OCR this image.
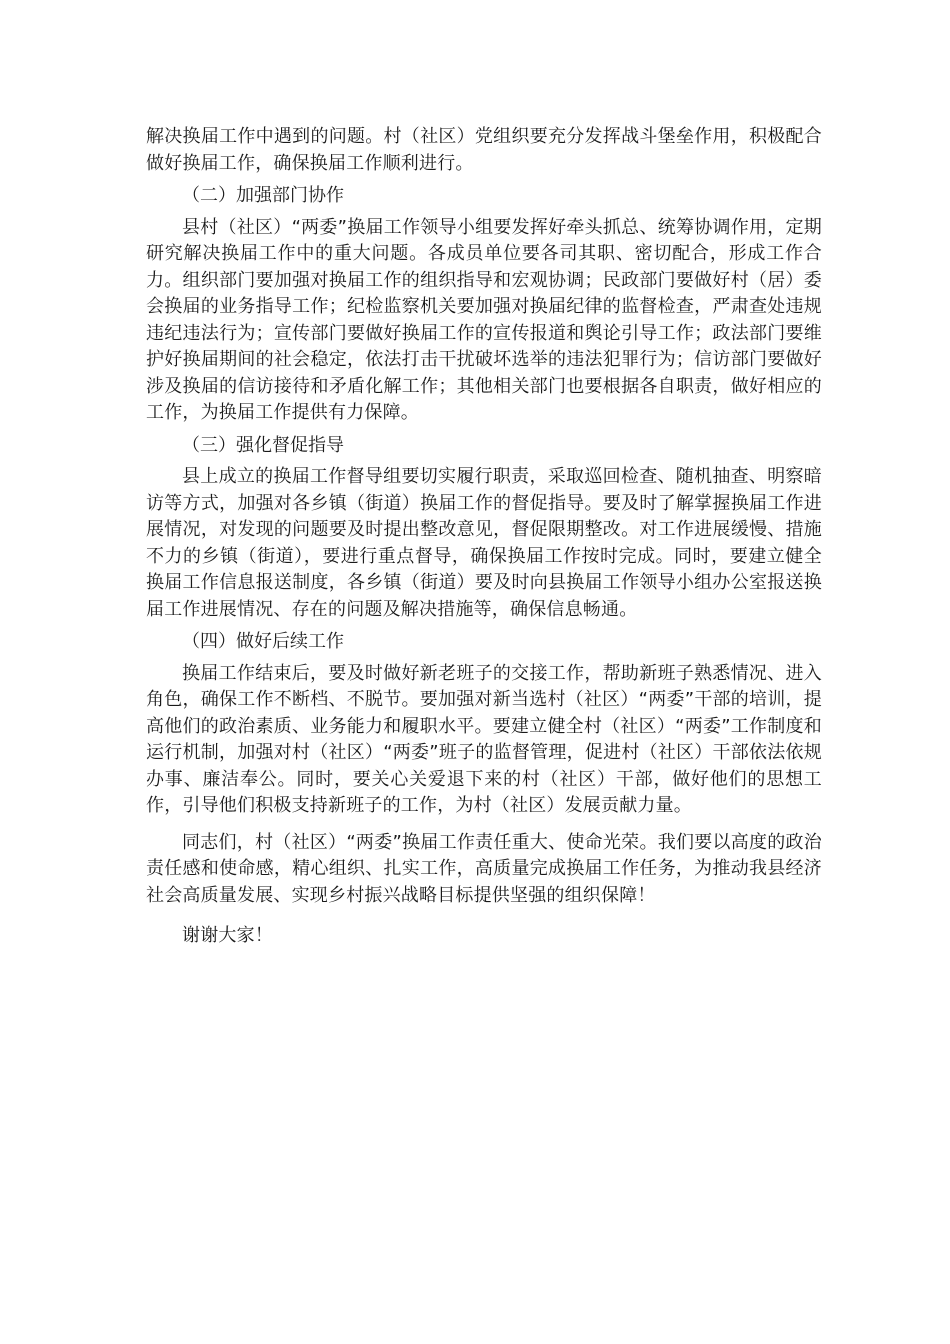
解决换届工作中遇到的问题。村（社区）党组织要充分发挥战斗堡垒作用，积极配合做好换届工作，确保换届工作顺利进行。

（二）加强部门协作

县村（社区）“两委”换届工作领导小组要发挥好牵头抓总、统筹协调作用，定期研究解决换届工作中的重大问题。各成员单位要各司其职、密切配合，形成工作合力。组织部门要加强对换届工作的组织指导和宏观协调；民政部门要做好村（居）委会换届的业务指导工作；纪检监察机关要加强对换届纪律的监督检查，严肃查处违规违纪违法行为；宣传部门要做好换届工作的宣传报道和舆论引导工作；政法部门要维护好换届期间的社会稳定，依法打击干扰破坏选举的违法犯罪行为；信访部门要做好涉及换届的信访接待和矛盾化解工作；其他相关部门也要根据各自职责，做好相应的工作，为换届工作提供有力保障。

（三）强化督促指导

县上成立的换届工作督导组要切实履行职责，采取巡回检查、随机抽查、明察暗访等方式，加强对各乡镇（街道）换届工作的督促指导。要及时了解掌握换届工作进展情况，对发现的问题要及时提出整改意见，督促限期整改。对工作进展缓慢、措施不力的乡镇（街道），要进行重点督导，确保换届工作按时完成。同时，要建立健全换届工作信息报送制度，各乡镇（街道）要及时向县换届工作领导小组办公室报送换届工作进展情况、存在的问题及解决措施等，确保信息畅通。

（四）做好后续工作

换届工作结束后，要及时做好新老班子的交接工作，帮助新班子熟悉情况、进入角色，确保工作不断档、不脱节。要加强对新当选村（社区）“两委”干部的培训，提高他们的政治素质、业务能力和履职水平。要建立健全村（社区）“两委”工作制度和运行机制，加强对村（社区）“两委”班子的监督管理，促进村（社区）干部依法依规办事、廉洁奉公。同时，要关心关爱退下来的村（社区）干部，做好他们的思想工作，引导他们积极支持新班子的工作，为村（社区）发展贡献力量。

同志们，村（社区）“两委”换届工作责任重大、使命光荣。我们要以高度的政治责任感和使命感，精心组织、扎实工作，高质量完成换届工作任务，为推动我县经济社会高质量发展、实现乡村振兴战略目标提供坚强的组织保障！

谢谢大家！
